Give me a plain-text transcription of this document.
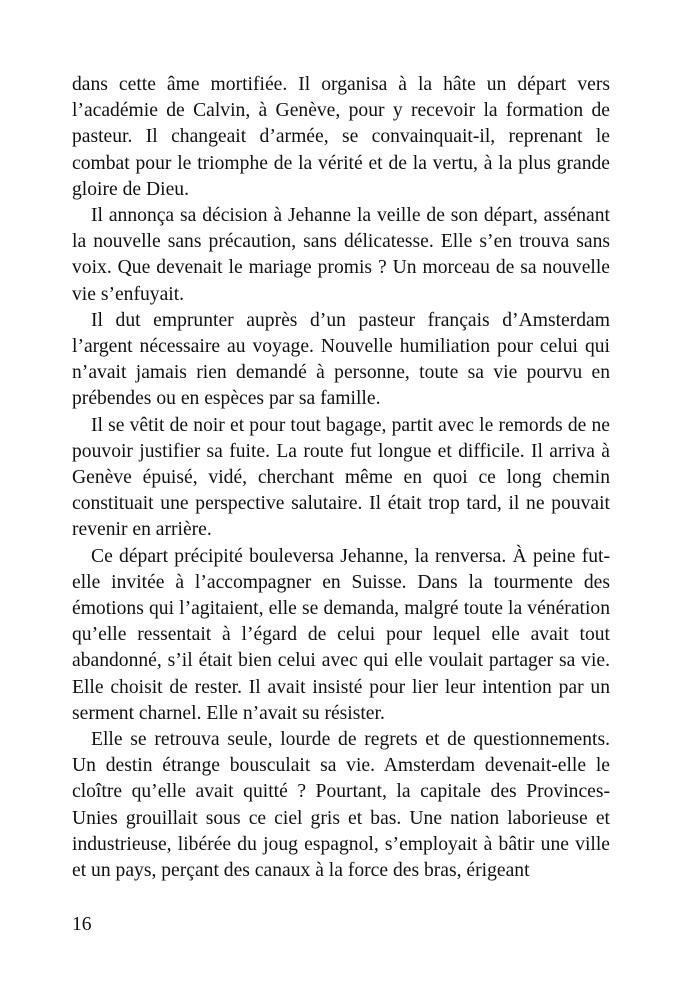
dans cette âme mortifiée. Il organisa à la hâte un départ vers l’académie de Calvin, à Genève, pour y recevoir la formation de pasteur. Il changeait d’armée, se convainquait-il, reprenant le combat pour le triomphe de la vérité et de la vertu, à la plus grande gloire de Dieu.

Il annonça sa décision à Jehanne la veille de son départ, assénant la nouvelle sans précaution, sans délicatesse. Elle s’en trouva sans voix. Que devenait le mariage promis ? Un morceau de sa nouvelle vie s’enfuyait.

Il dut emprunter auprès d’un pasteur français d’Amsterdam l’argent nécessaire au voyage. Nouvelle humiliation pour celui qui n’avait jamais rien demandé à personne, toute sa vie pourvu en prébendes ou en espèces par sa famille.

Il se vêtit de noir et pour tout bagage, partit avec le remords de ne pouvoir justifier sa fuite. La route fut longue et difficile. Il arriva à Genève épuisé, vidé, cherchant même en quoi ce long chemin constituait une perspective salutaire. Il était trop tard, il ne pouvait revenir en arrière.

Ce départ précipité bouleversa Jehanne, la renversa. À peine fut-elle invitée à l’accompagner en Suisse. Dans la tourmente des émotions qui l’agitaient, elle se demanda, malgré toute la vénération qu’elle ressentait à l’égard de celui pour lequel elle avait tout abandonné, s’il était bien celui avec qui elle voulait partager sa vie. Elle choisit de rester. Il avait insisté pour lier leur intention par un serment charnel. Elle n’avait su résister.

Elle se retrouva seule, lourde de regrets et de questionnements. Un destin étrange bousculait sa vie. Amsterdam devenait-elle le cloître qu’elle avait quitté ? Pourtant, la capitale des Provinces-Unies grouillait sous ce ciel gris et bas. Une nation laborieuse et industrieuse, libérée du joug espagnol, s’employait à bâtir une ville et un pays, perçant des canaux à la force des bras, érigeant

16
